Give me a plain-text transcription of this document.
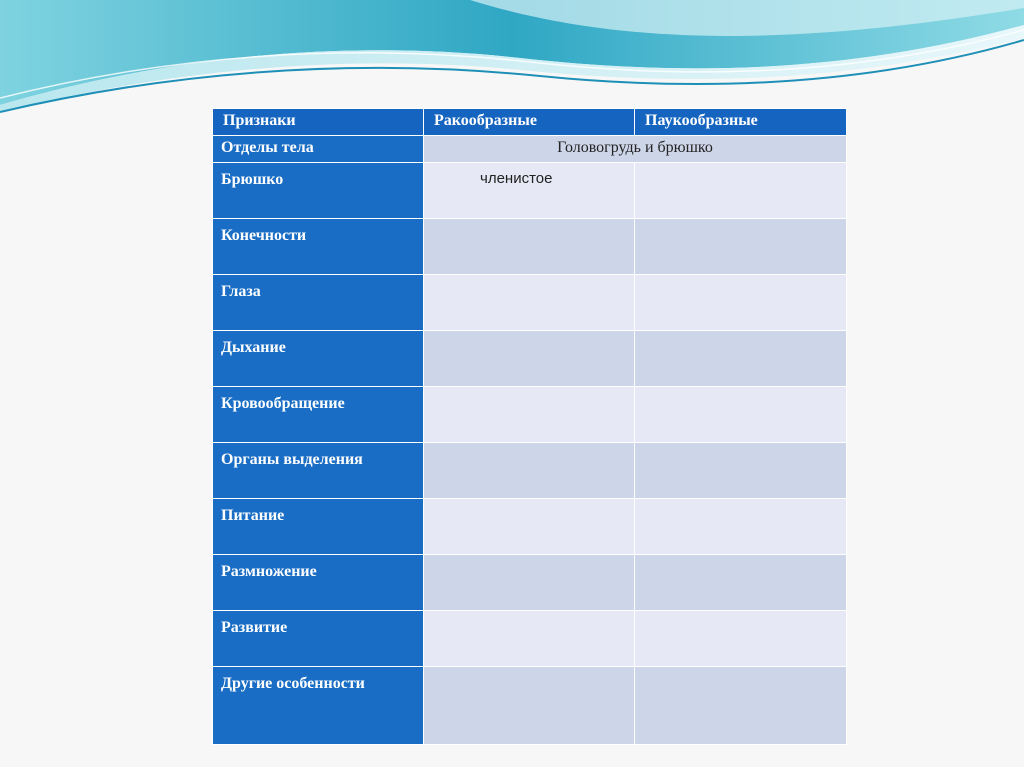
Признаки	Ракообразные	Паукообразные
Отделы тела	Головогрудь и брюшко	
Брюшко	членистое	

Конечности	

Глаза	

Дыхание	

Кровообращение	

Органы выделения	

Питание	

Размножение	

Развитие	

Другие особенности	
